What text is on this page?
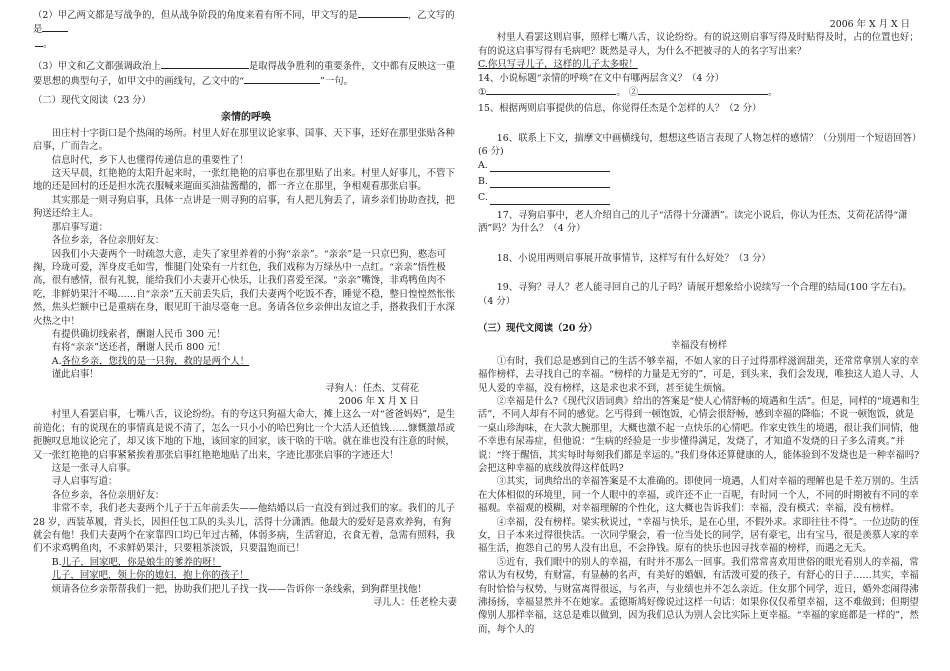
（2）甲乙两文都是写战争的，但从战争阶段的角度来看有所不同，甲文写的是	，乙文写的是

。

（3）甲文和乙文都强调政治上	是取得战争胜利的重要条件，文中都有反映这一重要思想的典型句子，如甲文中的画线句，乙文中的“	”一句。

（二）现代文阅读（23 分）

亲情的呼唤

田庄村十字街口是个热闹的场所。村里人好在那里议论家事、国事、天下事，还好在那里张贴各种启事，广而告之。

信息时代，乡下人也懂得传递信息的重要性了！

这天早晨，红艳艳的太阳升起来时，一张红艳艳的启事也在那里贴了出来。村里人好事儿，不管下地的还是回村的还是担水洗衣服喊来遛面买油盐酱醋的，都一齐立在那里，争相观看那张启事。

其实那是一则寻狗启事，具体一点讲是一则寻狗的启事，有人把儿狗丢了，请乡亲们协助查找，把狗送还给主人。

那启事写道：

各位乡亲，各位亲朋好友：

因我们小夫妻两个一时疏忽大意，走失了家里养着的小狗“亲亲”。“亲亲”是一只京巴狗，憨态可掬，玲珑可爱，浑身皮毛如雪，惟腿门处染有一片红色，我们戏称为万绿丛中一点红。“亲亲”悟性极高，很有感情，很有礼貌，能给我们小夫妻开心快乐，让我们喜爱至深。“亲亲”嘴馋，非鸡鸭鱼肉不吃，非鲜奶果汁不喝……自“亲亲”五天前丢失后，我们夫妻两个吃饭不香，睡觉不稳，整日惶惶然怅怅然，焦头烂额中已是重病在身，眼见盯干油尽毫奄一息。务请各位乡亲伸出友谊之手，搭救我们于水深火热之中！

有提供确切线索者，酬谢人民币 300 元！

有将“亲亲”送还者，酬谢人民币 800 元！

A.各位乡亲，您找的是一只狗，救的是两个人！

谨此启事！

寻狗人：任杰、艾荷花

2006 年 X 月 X 日

村里人看罢启事，七嘴八舌，议论纷纷。有的夸这只狗福大命大，摊上这么一对“爸爸妈妈”，是生前造化；有的说现在的事情真是说不清了，怎么一只小小的哈巴狗比一个大活人还值钱……慷慨激昂或扼腕叹息地议论完了，却又该下地的下地，该回家的回家，该干啥的干啥。就在谁也没有注意的时候，又一张红艳艳的启事紧紧挨着那张启事红艳艳地贴了出来，字迹比那张启事的字迹还大！

这是一张寻人启事。

寻人启事写道：

各位乡亲，各位亲朋好友：

非常不幸，我们老夫妻两个儿子于五年前丢失——他结婚以后一直没有到过我们的家。我们的儿子 28 岁，西装革履，背头长，因担任包工队的头头儿，活得十分潇洒。他最大的爱好是喜欢养狗，有狗就会有他！我们夫妻两个在家靠四口均已年过古稀，体弱多病，生活窘迫，衣食无着，急需有照料，我们不求鸡鸭鱼肉，不求鲜奶果汁，只要粗茶淡饭，只要温饱而已！

B.儿子，回家吧，你是娘生的爹养的呀！

儿子，回家吧，领上你的媳妇，抱上你的孩子！

烦请各位乡亲帮帮我们一把，协助我们把儿子找一找——告诉你一条线索，到狗群里找他！

寻儿人：任老栓夫妻

2006 年 X 月 X 日

村里人看罢这则启事，照样七嘴八舌，议论纷纷。有的说这则启事写得及时贴得及时，占的位置也好；有的说这启事写得有毛病吧？既然是寻人，为什么不把被寻的人的名字写出来？

C.你只写寻儿子，这样的儿子太多啦！

14、小说标题“亲情的呼唤”在文中有哪两层含义？（4 分）

①	。 ②	。

15、根据两则启事提供的信息，你觉得任杰是个怎样的人？（2 分）

16、联系上下文，揣摩文中画横线句，想想这些语言表现了人物怎样的感情？（分别用一个短语回答）(6 分)

A.

B.

C.

17、寻狗启事中，老人介绍自己的儿子“活得十分潇洒”。读完小说后，你认为任杰、艾荷花活得“潇洒”吗？为什么？（4 分）

18、小说用两则启事展开故事情节，这样写有什么好处？（3 分）

19、寻狗？寻人？老人能寻回自己的儿子吗？请展开想象给小说续写一个合理的结局(100 字左右)。（4 分）

（三）现代文阅读（20 分）

幸福没有榜样

①有时，我们总是感到自己的生活不够幸福，不如人家的日子过得那样滋润甜美，还常常拿别人家的幸福作榜样，去寻找自己的幸福。“榜样的力量是无穷的”，可是，到头来，我们会发现，唯独这人追人寻、人见人爱的幸福，没有榜样，这是求也求不到，甚至徒生烦恼。

②幸福是什么?《现代汉语词典》给出的答案是“使人心情舒畅的境遇和生活”。但是，同样的“境遇和生活”，不同人却有不同的感觉。乞丐得到一顿饱饭，心情会很舒畅，感到幸福的降临；不说一顿饱饭，就是一桌山珍海味，在大款大腕那里，大概也激不起一点快乐的心情吧。作家史铁生的境遇，很让我们同情，他不幸患有尿毒症，但他说：“生病的经验是一步步懂得满足，发烧了，才知道不发烧的日子多么清爽。”并说：“终于醒悟，其实每时每刻我们都是幸运的。”我们身体还算健康的人，能体验到不发烧也是一种幸福吗?会把这种幸福的底线放得这样低吗?

③其实，词典给出的幸福答案是不太准确的。即使同一境遇，人们对幸福的理解也是千差万别的。生活在大体相似的环境里，同一个人眼中的幸福，或许还不止一百呢，有时同一个人，不同的时期被有不同的幸福观。幸福观的模糊，对幸福理解的个性化，这大概也告诉我们：幸福，没有模式；幸福，没有榜样。

④幸福，没有榜样。梁实秋说过，“幸福与快乐，是在心里，不假外求。求即往往不得”。一位边防的侄女，日子本来过得很快活。一次同学聚会，看一位当处长的同学，居有豪宅，出有宝马，很是羡慕人家的幸福生活，抱怨自己的男人没有出息，不会挣钱。原有的快乐也因寻找幸福的榜样，而遇之无夭。

⑤近有，我们眼中的别人的幸福，有时并不那么一回事。我们常常喜欢用世俗的眼光看别人的幸福，常常认为有权势，有财富，有显赫的名声，有美好的婚姻，有活泼可爱的孩子，有舒心的日子……其实，幸福有时恰恰与权势，与财富离得很远，与名声，与业绩也并不怎么亲近。住女那个同学，近日，婚外恋闹得沸沸扬扬，幸福显然并不在她家。孟德斯鸠好像说过这样一句话：如果你仅仅希望幸福，这不难做到；但期望像别人那样幸福，这总是难以做到，因为我们总认为别人会比实际上更幸福。“幸福的家庭都是一样的”，然而，每个人的
